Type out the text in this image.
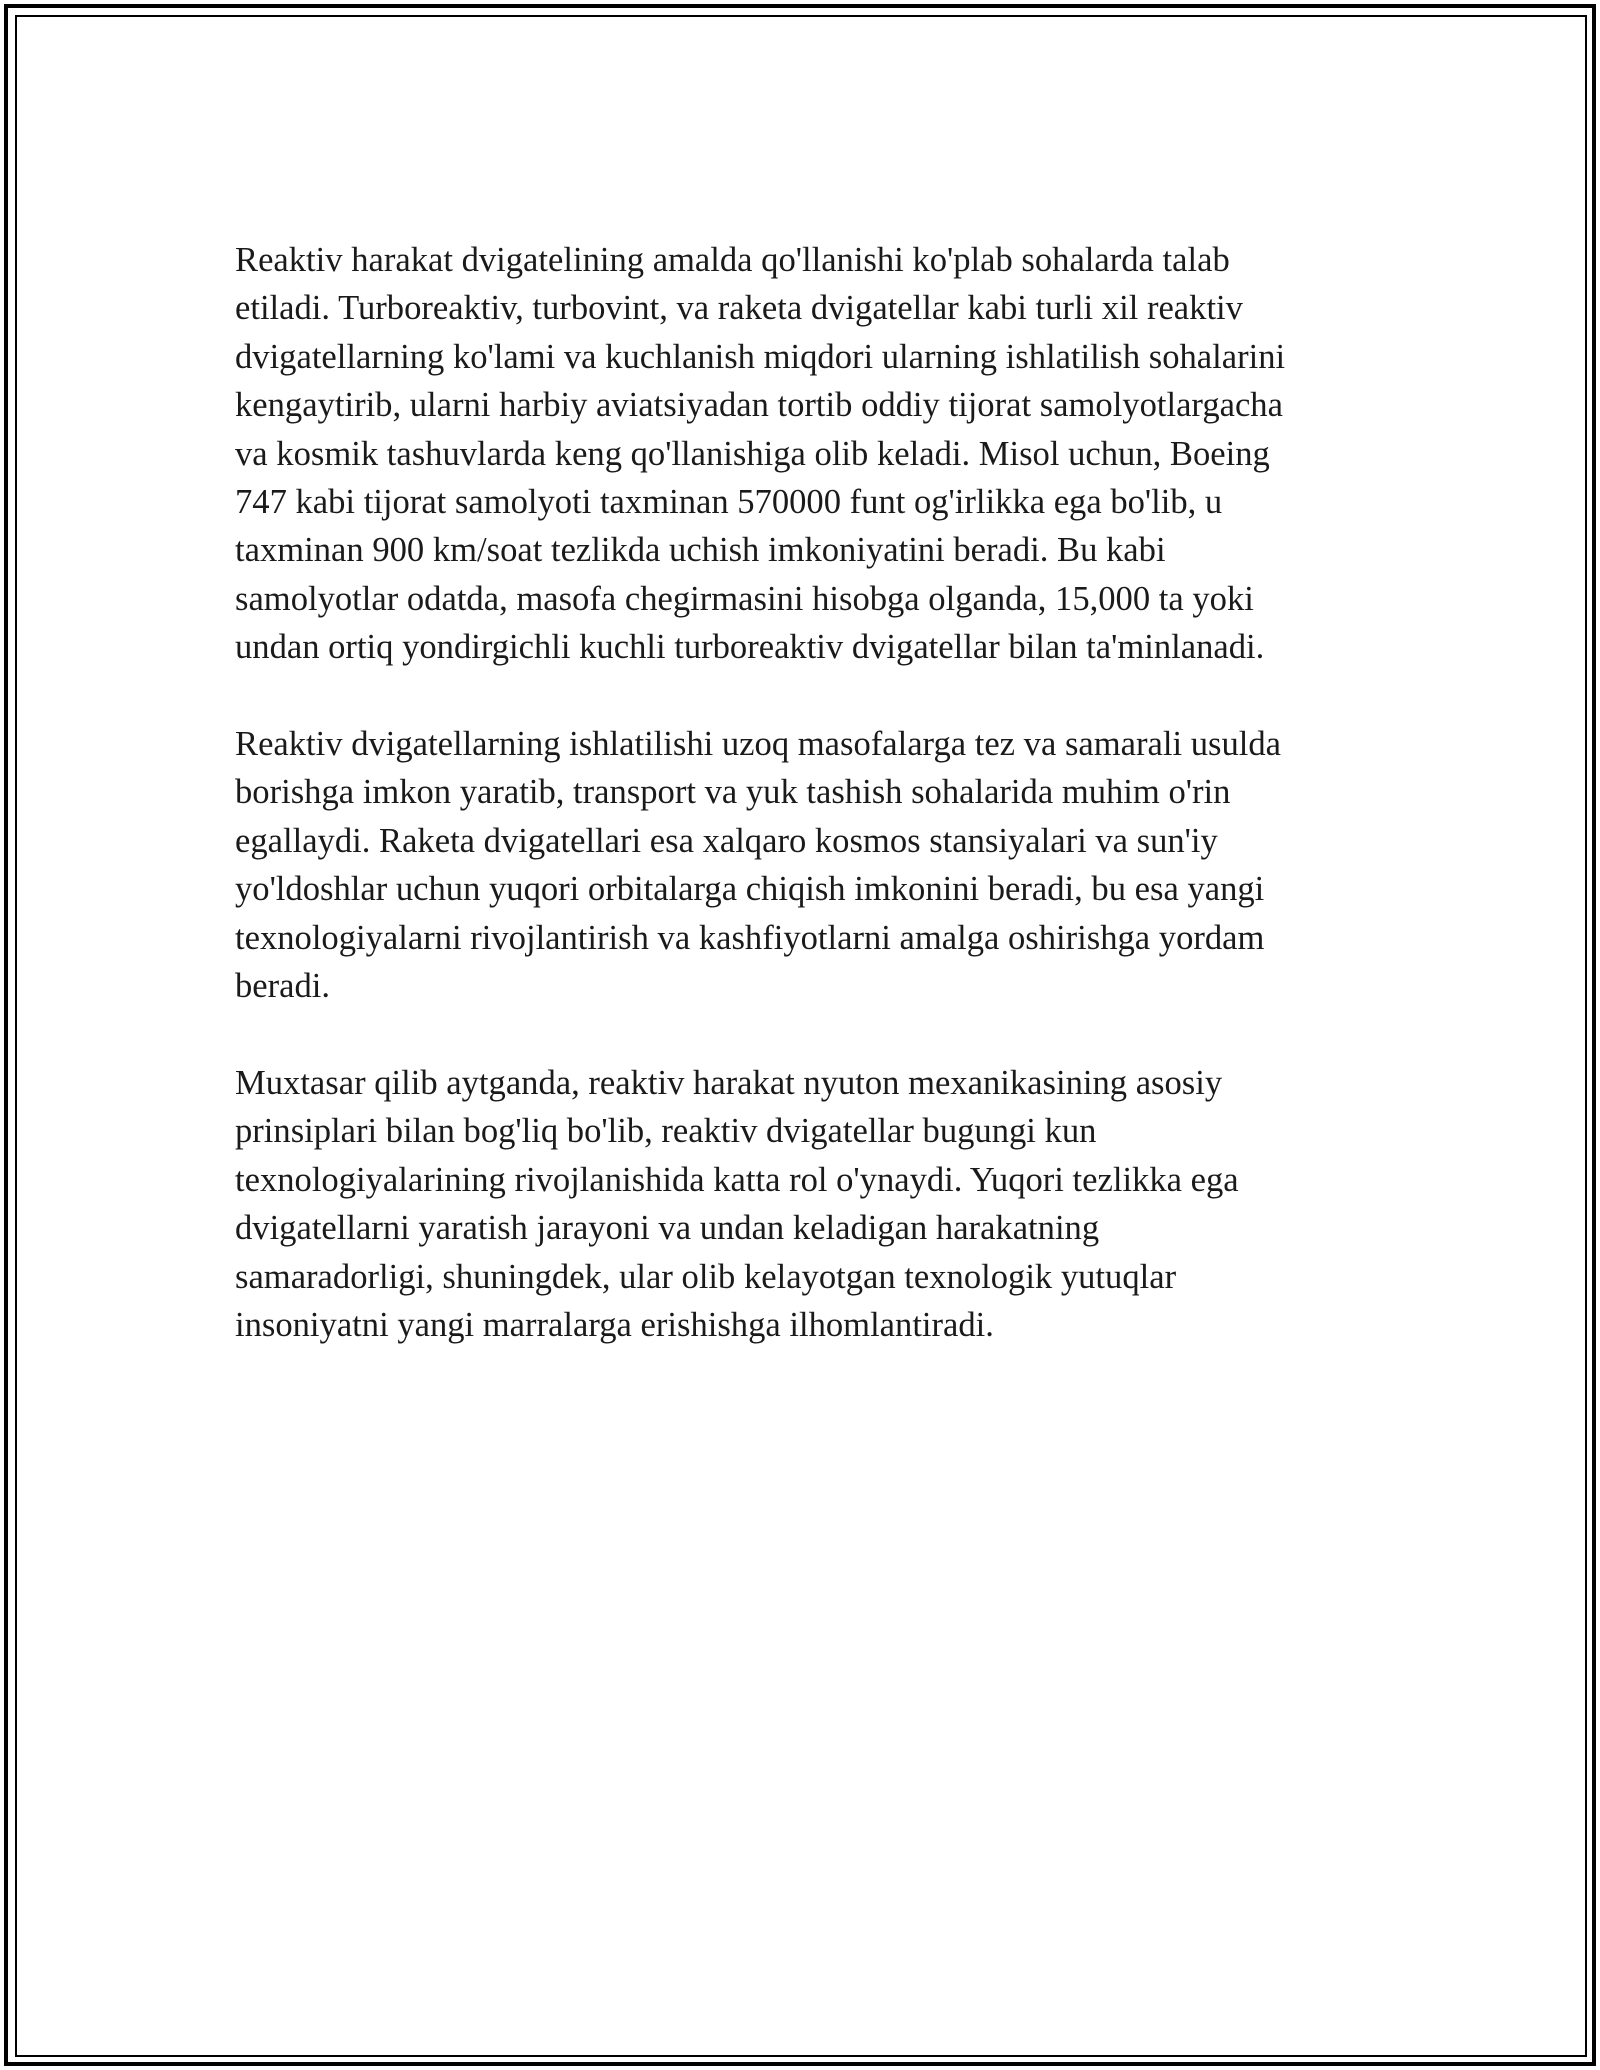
Reaktiv harakat dvigatelining amalda qo'llanishi ko'plab sohalarda talab
etiladi. Turboreaktiv, turbovint, va raketa dvigatellar kabi turli xil reaktiv
dvigatellarning ko'lami va kuchlanish miqdori ularning ishlatilish sohalarini
kengaytirib, ularni harbiy aviatsiyadan tortib oddiy tijorat samolyotlargacha
va kosmik tashuvlarda keng qo'llanishiga olib keladi. Misol uchun, Boeing
747 kabi tijorat samolyoti taxminan 570000 funt og'irlikka ega bo'lib, u
taxminan 900 km/soat tezlikda uchish imkoniyatini beradi. Bu kabi
samolyotlar odatda, masofa chegirmasini hisobga olganda, 15,000 ta yoki
undan ortiq yondirgichli kuchli turboreaktiv dvigatellar bilan ta'minlanadi.

Reaktiv dvigatellarning ishlatilishi uzoq masofalarga tez va samarali usulda
borishga imkon yaratib, transport va yuk tashish sohalarida muhim o'rin
egallaydi. Raketa dvigatellari esa xalqaro kosmos stansiyalari va sun'iy
yo'ldoshlar uchun yuqori orbitalarga chiqish imkonini beradi, bu esa yangi
texnologiyalarni rivojlantirish va kashfiyotlarni amalga oshirishga yordam
beradi.

Muxtasar qilib aytganda, reaktiv harakat nyuton mexanikasining asosiy
prinsiplari bilan bog'liq bo'lib, reaktiv dvigatellar bugungi kun
texnologiyalarining rivojlanishida katta rol o'ynaydi. Yuqori tezlikka ega
dvigatellarni yaratish jarayoni va undan keladigan harakatning
samaradorligi, shuningdek, ular olib kelayotgan texnologik yutuqlar
insoniyatni yangi marralarga erishishga ilhomlantiradi.
